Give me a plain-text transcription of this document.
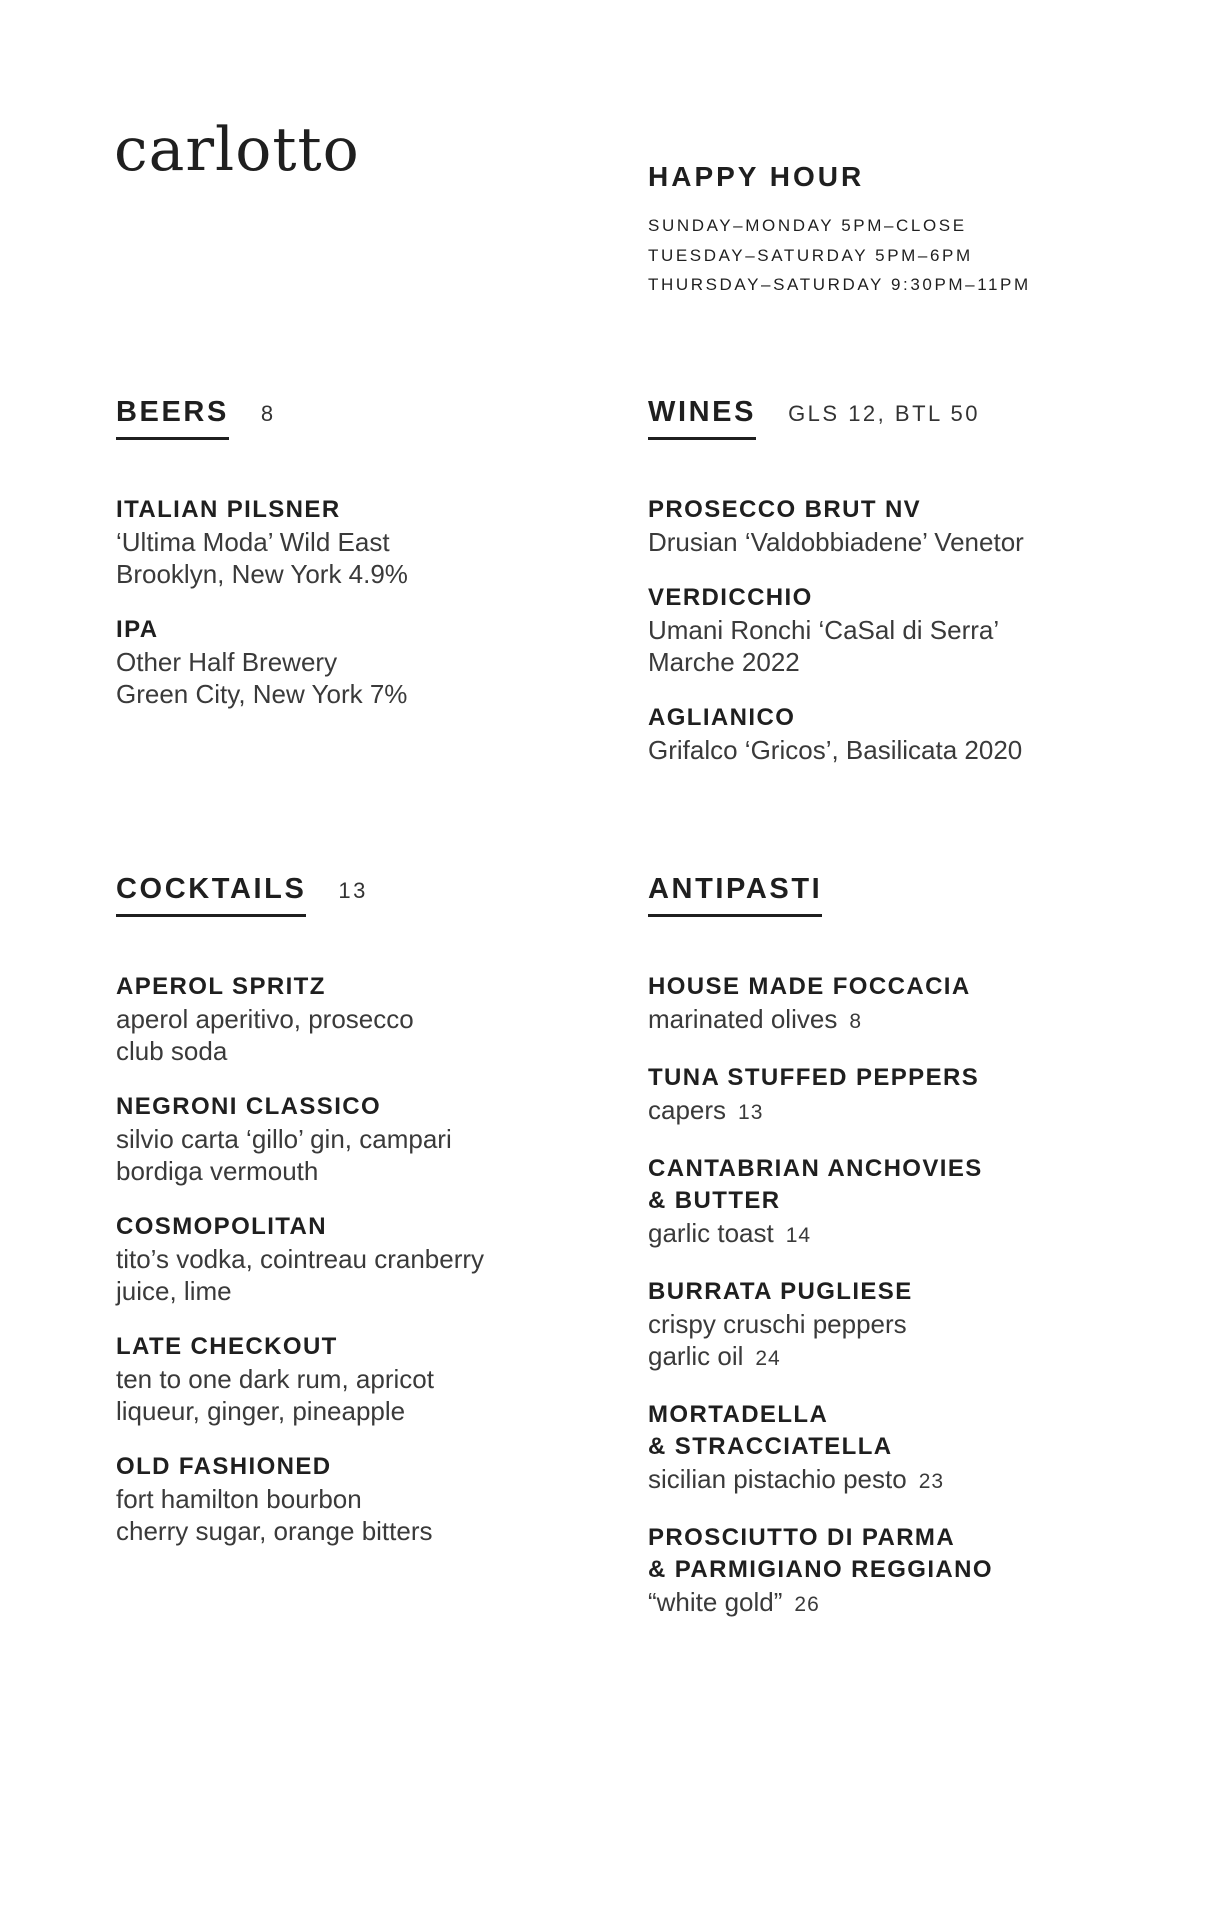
carlotto	HAPPY HOUR
SUNDAY–MONDAY 5PM–CLOSE
TUESDAY–SATURDAY 5PM–6PM
THURSDAY–SATURDAY 9:30PM–11PM
BEERS 8
ITALIAN PILSNER
‘Ultima Moda’ Wild East
Brooklyn, New York 4.9%
IPA
Other Half Brewery
Green City, New York 7%
WINES GLS 12, BTL 50
PROSECCO BRUT NV
Drusian ‘Valdobbiadene’ Venetor
VERDICCHIO
Umani Ronchi ‘CaSal di Serra’
Marche 2022
AGLIANICO
Grifalco ‘Gricos’, Basilicata 2020
COCKTAILS 13
APEROL SPRITZ
aperol aperitivo, prosecco
club soda
NEGRONI CLASSICO
silvio carta ‘gillo’ gin, campari
bordiga vermouth
COSMOPOLITAN
tito’s vodka, cointreau cranberry
juice, lime
LATE CHECKOUT
ten to one dark rum, apricot
liqueur, ginger, pineapple
OLD FASHIONED
fort hamilton bourbon
cherry sugar, orange bitters
ANTIPASTI
HOUSE MADE FOCCACIA
marinated olives 8
TUNA STUFFED PEPPERS
capers 13
CANTABRIAN ANCHOVIES
& BUTTER
garlic toast 14
BURRATA PUGLIESE
crispy cruschi peppers
garlic oil 24
MORTADELLA
& STRACCIATELLA
sicilian pistachio pesto 23
PROSCIUTTO DI PARMA
& PARMIGIANO REGGIANO
“white gold” 26
